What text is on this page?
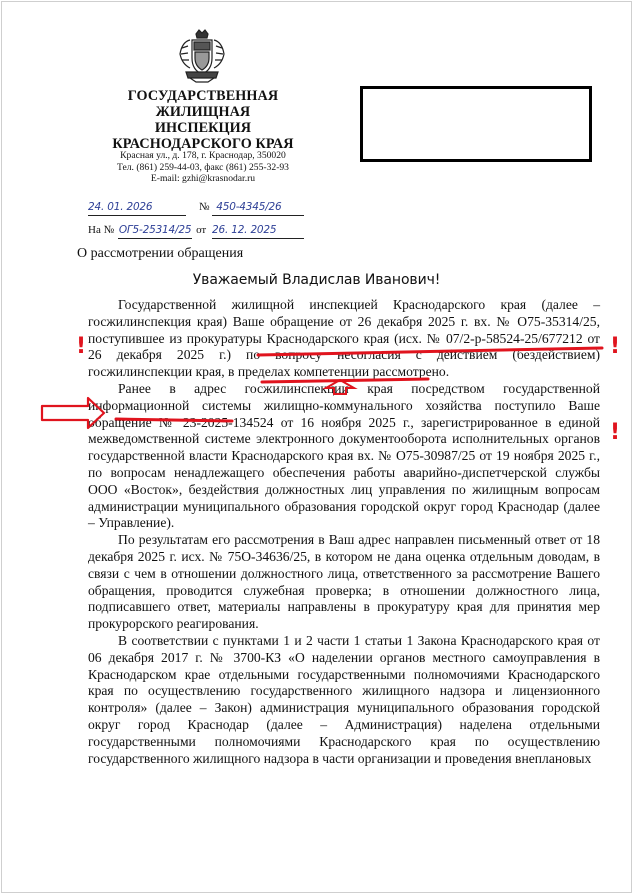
ГОСУДАРСТВЕННАЯ
ЖИЛИЩНАЯ ИНСПЕКЦИЯ
КРАСНОДАРСКОГО КРАЯ
Красная ул., д. 178, г. Краснодар, 350020
Тел. (861) 259-44-03, факс (861) 255-32-93
E-mail: gzhi@krasnodar.ru
24. 01. 2026	№ 450-4345/26
На № ОГ5-25314/25 от 26. 12. 2025
О рассмотрении обращения
Уважаемый Владислав Иванович!

Государственной жилищной инспекцией Краснодарского края (далее – госжилинспекция края) Ваше обращение от 26 декабря 2025 г. вх. № О75-35314/25, поступившее из прокуратуры Краснодарского края (исх. № 07/2-р-58524-25/677212 от 26 декабря 2025 г.) по вопросу несогласия с действием (бездействием) госжилинспекции края, в пределах компетенции рассмотрено.

Ранее в адрес госжилинспекции края посредством государственной информационной системы жилищно-коммунального хозяйства поступило Ваше обращение № 23-2025-134524 от 16 ноября 2025 г., зарегистрированное в единой межведомственной системе электронного документооборота исполнительных органов государственной власти Краснодарского края вх. № О75-30987/25 от 19 ноября 2025 г., по вопросам ненадлежащего обеспечения работы аварийно-диспетчерской службы ООО «Восток», бездействия должностных лиц управления по жилищным вопросам администрации муниципального образования городской округ город Краснодар (далее – Управление).

По результатам его рассмотрения в Ваш адрес направлен письменный ответ от 18 декабря 2025 г. исх. № 75О-34636/25, в котором не дана оценка отдельным доводам, в связи с чем в отношении должностного лица, ответственного за рассмотрение Вашего обращения, проводится служебная проверка; в отношении должностного лица, подписавшего ответ, материалы направлены в прокуратуру края для принятия мер прокурорского реагирования.

В соответствии с пунктами 1 и 2 части 1 статьи 1 Закона Краснодарского края от 06 декабря 2017 г. № 3700-КЗ «О наделении органов местного самоуправления в Краснодарском крае отдельными государственными полномочиями Краснодарского края по осуществлению государственного жилищного надзора и лицензионного контроля» (далее – Закон) администрация муниципального образования городской округ город Краснодар (далее – Администрация) наделена отдельными государственными полномочиями Краснодарского края по осуществлению государственного жилищного надзора в части организации и проведения внеплановых

!	!
!
